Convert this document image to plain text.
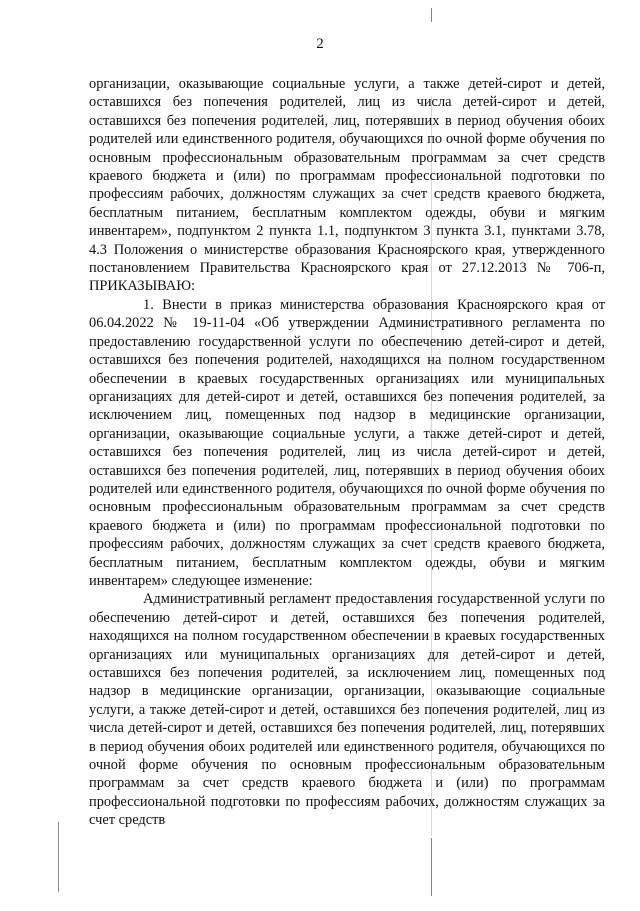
2

организации, оказывающие социальные услуги, а также детей-сирот и детей, оставшихся без попечения родителей, лиц из числа детей-сирот и детей, оставшихся без попечения родителей, лиц, потерявших в период обучения обоих родителей или единственного родителя, обучающихся по очной форме обучения по основным профессиональным образовательным программам за счет средств краевого бюджета и (или) по программам профессиональной подготовки по профессиям рабочих, должностям служащих за счет средств краевого бюджета, бесплатным питанием, бесплатным комплектом одежды, обуви и мягким инвентарем», подпунктом 2 пункта 1.1, подпунктом 3 пункта 3.1, пунктами 3.78, 4.3 Положения о министерстве образования Красноярского края, утвержденного постановлением Правительства Красноярского края от 27.12.2013 № 706-п, ПРИКАЗЫВАЮ:

1. Внести в приказ министерства образования Красноярского края от 06.04.2022 № 19-11-04 «Об утверждении Административного регламента по предоставлению государственной услуги по обеспечению детей-сирот и детей, оставшихся без попечения родителей, находящихся на полном государственном обеспечении в краевых государственных организациях или муниципальных организациях для детей-сирот и детей, оставшихся без попечения родителей, за исключением лиц, помещенных под надзор в медицинские организации, организации, оказывающие социальные услуги, а также детей-сирот и детей, оставшихся без попечения родителей, лиц из числа детей-сирот и детей, оставшихся без попечения родителей, лиц, потерявших в период обучения обоих родителей или единственного родителя, обучающихся по очной форме обучения по основным профессиональным образовательным программам за счет средств краевого бюджета и (или) по программам профессиональной подготовки по профессиям рабочих, должностям служащих за счет средств краевого бюджета, бесплатным питанием, бесплатным комплектом одежды, обуви и мягким инвентарем» следующее изменение:

Административный регламент предоставления государственной услуги по обеспечению детей-сирот и детей, оставшихся без попечения родителей, находящихся на полном государственном обеспечении в краевых государственных организациях или муниципальных организациях для детей-сирот и детей, оставшихся без попечения родителей, за исключением лиц, помещенных под надзор в медицинские организации, организации, оказывающие социальные услуги, а также детей-сирот и детей, оставшихся без попечения родителей, лиц из числа детей-сирот и детей, оставшихся без попечения родителей, лиц, потерявших в период обучения обоих родителей или единственного родителя, обучающихся по очной форме обучения по основным профессиональным образовательным программам за счет средств краевого бюджета и (или) по программам профессиональной подготовки по профессиям рабочих, должностям служащих за счет средств
